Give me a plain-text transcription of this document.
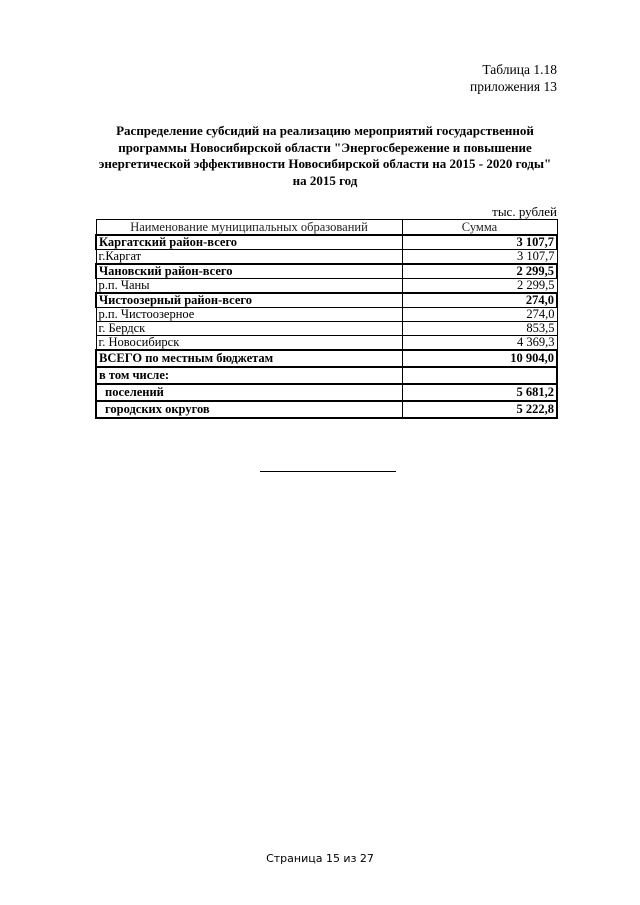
Таблица 1.18
приложения 13
Распределение субсидий на реализацию мероприятий государственной
программы Новосибирской области "Энергосбережение и повышение
энергетической эффективности Новосибирской области на 2015 - 2020 годы"
на 2015 год
тыс. рублей
Наименование муниципальных образований	Сумма
Каргатский район-всего	3 107,7
г.Каргат	3 107,7
Чановский район-всего	2 299,5
р.п. Чаны	2 299,5
Чистоозерный район-всего	274,0
р.п. Чистоозерное	274,0
г. Бердск	853,5
г. Новосибирск	4 369,3
ВСЕГО по местным бюджетам	10 904,0
в том числе:	
поселений	5 681,2
городских округов	5 222,8
Страница 15 из 27
